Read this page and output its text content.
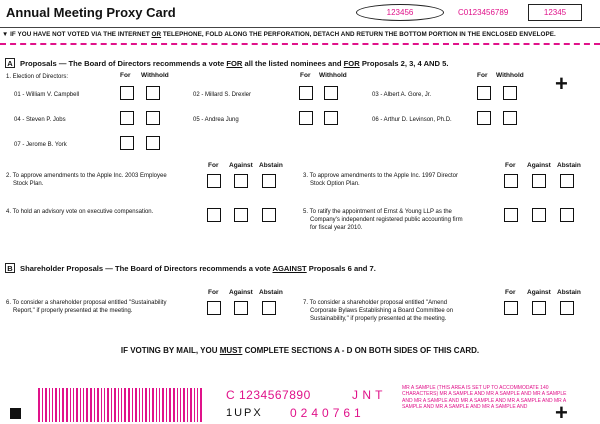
Annual Meeting Proxy Card	123456	C0123456789	12345
▼ IF YOU HAVE NOT VOTED VIA THE INTERNET OR TELEPHONE, FOLD ALONG THE PERFORATION, DETACH AND RETURN THE BOTTOM PORTION IN THE ENCLOSED ENVELOPE.
A Proposals — The Board of Directors recommends a vote FOR all the listed nominees and FOR Proposals 2, 3, 4 AND 5.
1. Election of Directors:	For Withhold	For Withhold	For Withhold +
01 - William V. Campbell	02 - Millard S. Drexler	03 - Albert A. Gore, Jr.
04 - Steven P. Jobs	05 - Andrea Jung	06 - Arthur D. Levinson, Ph.D.
07 - Jerome B. York
For Against Abstain	For Against Abstain
2. To approve amendments to the Apple Inc. 2003 Employee
Stock Plan.
3. To approve amendments to the Apple Inc. 1997 Director
Stock Option Plan.
4. To hold an advisory vote on executive compensation.	5. To ratify the appointment of Ernst & Young LLP as the
Company's independent registered public accounting firm
for fiscal year 2010.
B Shareholder Proposals — The Board of Directors recommends a vote AGAINST Proposals 6 and 7.
For Against Abstain	For Against Abstain
6. To consider a shareholder proposal entitled "Sustainability
Report," if properly presented at the meeting.
7. To consider a shareholder proposal entitled "Amend
Corporate Bylaws Establishing a Board Committee on
Sustainability," if properly presented at the meeting.
IF VOTING BY MAIL, YOU MUST COMPLETE SECTIONS A - D ON BOTH SIDES OF THIS CARD.
C 1234567890	J N T
1UPX 0240761
MR A SAMPLE (THIS AREA IS SET UP TO ACCOMMODATE 140 CHARACTERS) MR A SAMPLE AND MR A SAMPLE AND MR A SAMPLE AND MR A SAMPLE AND MR A SAMPLE AND MR A SAMPLE AND MR A SAMPLE AND MR A SAMPLE AND MR A SAMPLE AND	+
